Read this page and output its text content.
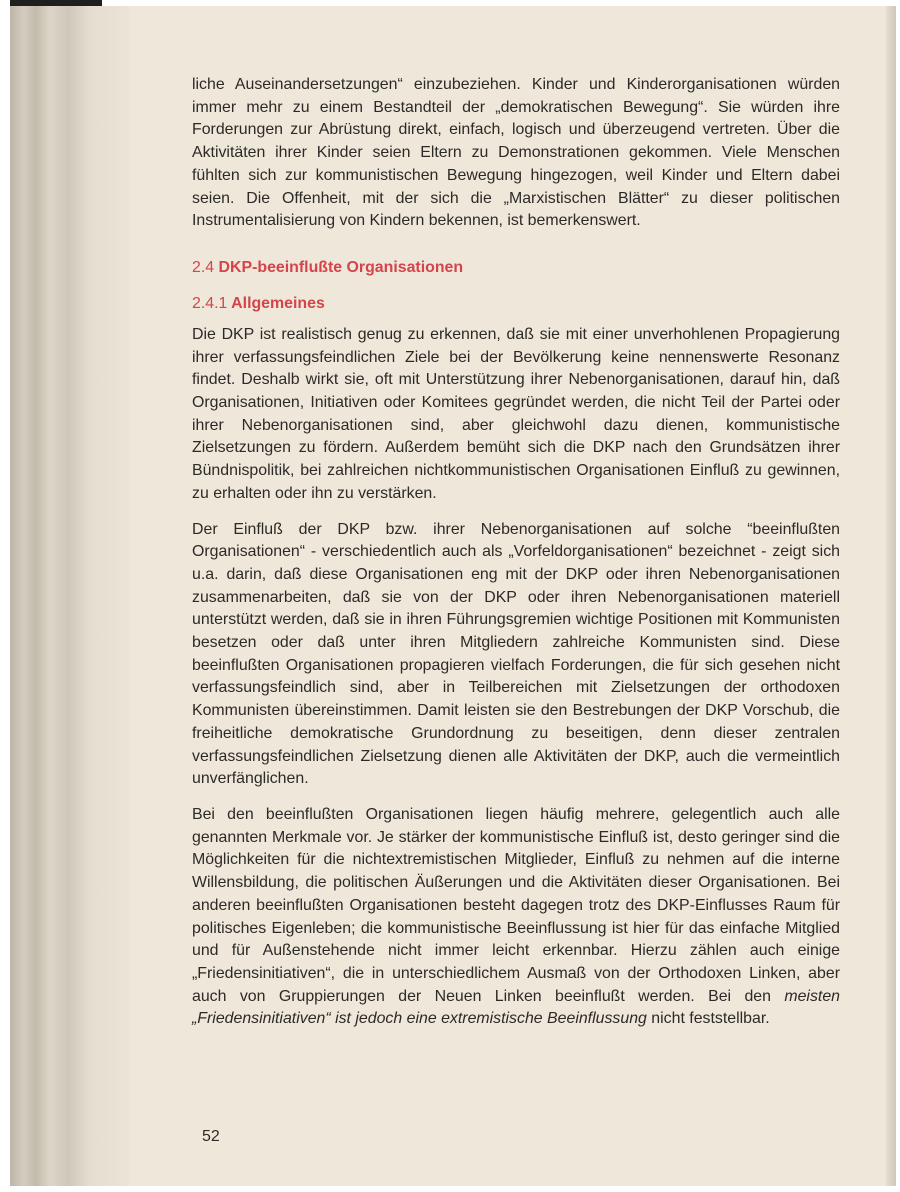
liche Auseinandersetzungen“ einzubeziehen. Kinder und Kinderorganisationen würden immer mehr zu einem Bestandteil der „demokratischen Bewegung“. Sie würden ihre Forderungen zur Abrüstung direkt, einfach, logisch und überzeugend vertreten. Über die Aktivitäten ihrer Kinder seien Eltern zu Demonstrationen gekommen. Viele Menschen fühlten sich zur kommunistischen Bewegung hingezogen, weil Kinder und Eltern dabei seien. Die Offenheit, mit der sich die „Marxistischen Blätter“ zu dieser politischen Instrumentalisierung von Kindern bekennen, ist bemerkenswert.

2.4 DKP-beeinflußte Organisationen
2.4.1 Allgemeines

Die DKP ist realistisch genug zu erkennen, daß sie mit einer unverhohlenen Propagierung ihrer verfassungsfeindlichen Ziele bei der Bevölkerung keine nennenswerte Resonanz findet. Deshalb wirkt sie, oft mit Unterstützung ihrer Nebenorganisationen, darauf hin, daß Organisationen, Initiativen oder Komitees gegründet werden, die nicht Teil der Partei oder ihrer Nebenorganisationen sind, aber gleichwohl dazu dienen, kommunistische Zielsetzungen zu fördern. Außerdem bemüht sich die DKP nach den Grundsätzen ihrer Bündnispolitik, bei zahlreichen nichtkommunistischen Organisationen Einfluß zu gewinnen, zu erhalten oder ihn zu verstärken.

Der Einfluß der DKP bzw. ihrer Nebenorganisationen auf solche “beeinflußten Organisationen“ - verschiedentlich auch als „Vorfeldorganisationen“ bezeichnet - zeigt sich u.a. darin, daß diese Organisationen eng mit der DKP oder ihren Nebenorganisationen zusammenarbeiten, daß sie von der DKP oder ihren Nebenorganisationen materiell unterstützt werden, daß sie in ihren Führungsgremien wichtige Positionen mit Kommunisten besetzen oder daß unter ihren Mitgliedern zahlreiche Kommunisten sind. Diese beeinflußten Organisationen propagieren vielfach Forderungen, die für sich gesehen nicht verfassungsfeindlich sind, aber in Teilbereichen mit Zielsetzungen der orthodoxen Kommunisten übereinstimmen. Damit leisten sie den Bestrebungen der DKP Vorschub, die freiheitliche demokratische Grundordnung zu beseitigen, denn dieser zentralen verfassungsfeindlichen Zielsetzung dienen alle Aktivitäten der DKP, auch die vermeintlich unverfänglichen.

Bei den beeinflußten Organisationen liegen häufig mehrere, gelegentlich auch alle genannten Merkmale vor. Je stärker der kommunistische Einfluß ist, desto geringer sind die Möglichkeiten für die nichtextremistischen Mitglieder, Einfluß zu nehmen auf die interne Willensbildung, die politischen Äußerungen und die Aktivitäten dieser Organisationen. Bei anderen beeinflußten Organisationen besteht dagegen trotz des DKP-Einflusses Raum für politisches Eigenleben; die kommunistische Beeinflussung ist hier für das einfache Mitglied und für Außenstehende nicht immer leicht erkennbar. Hierzu zählen auch einige „Friedensinitiativen“, die in unterschiedlichem Ausmaß von der Orthodoxen Linken, aber auch von Gruppierungen der Neuen Linken beeinflußt werden. Bei den meisten „Friedensinitiativen“ ist jedoch eine extremistische Beeinflussung nicht feststellbar.

52
